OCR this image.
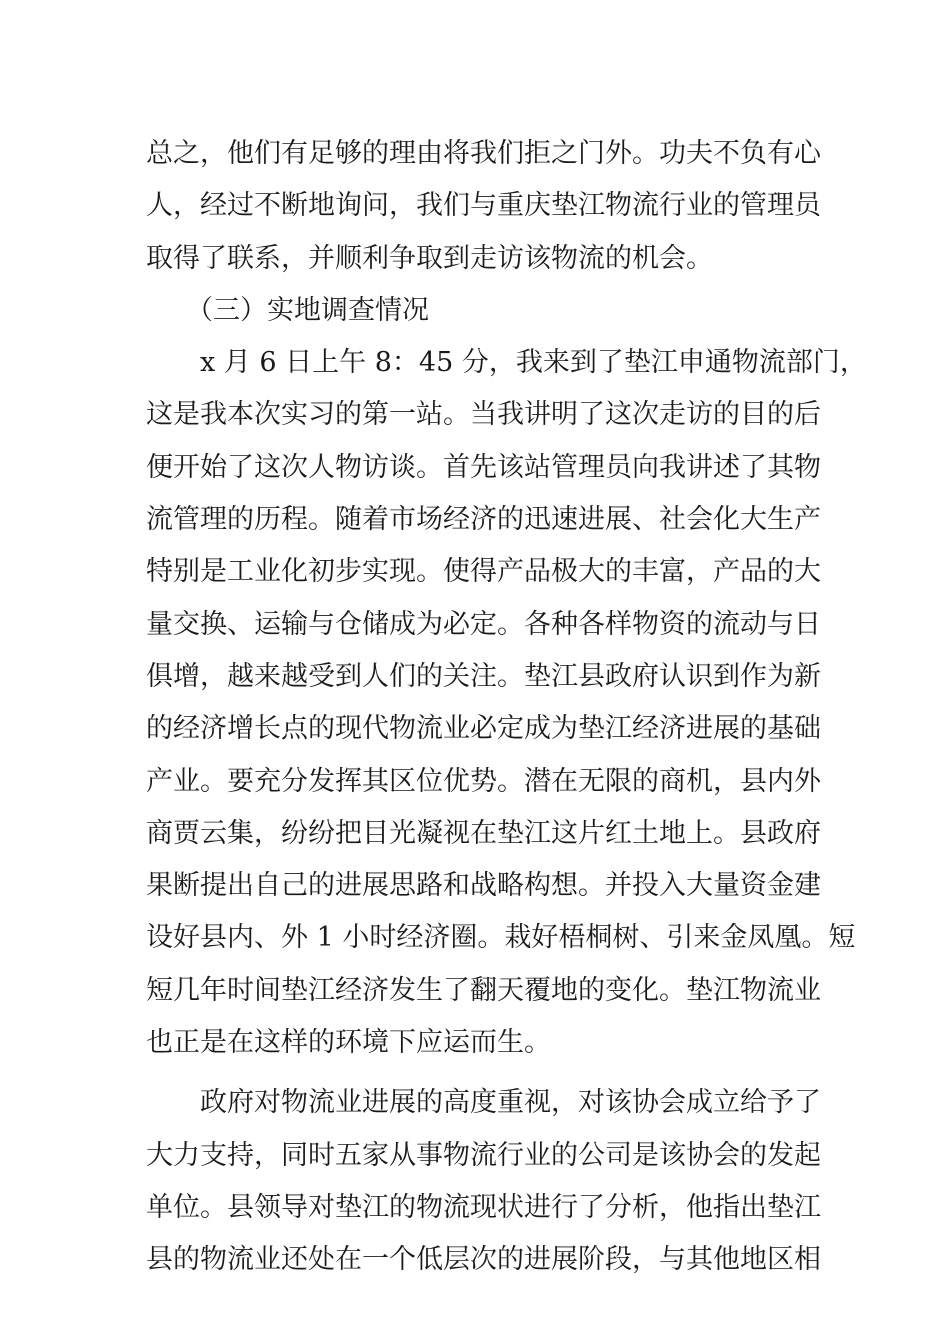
总之，他们有足够的理由将我们拒之门外。功夫不负有心
人，经过不断地询问，我们与重庆垫江物流行业的管理员
取得了联系，并顺利争取到走访该物流的机会。
（三）实地调查情况
x 月 6 日上午 8：45 分，我来到了垫江申通物流部门，
这是我本次实习的第一站。当我讲明了这次走访的目的后
便开始了这次人物访谈。首先该站管理员向我讲述了其物
流管理的历程。随着市场经济的迅速进展、社会化大生产
特别是工业化初步实现。使得产品极大的丰富，产品的大
量交换、运输与仓储成为必定。各种各样物资的流动与日
俱增，越来越受到人们的关注。垫江县政府认识到作为新
的经济增长点的现代物流业必定成为垫江经济进展的基础
产业。要充分发挥其区位优势。潜在无限的商机，县内外
商贾云集，纷纷把目光凝视在垫江这片红土地上。县政府
果断提出自己的进展思路和战略构想。并投入大量资金建
设好县内、外 1 小时经济圈。栽好梧桐树、引来金凤凰。短
短几年时间垫江经济发生了翻天覆地的变化。垫江物流业
也正是在这样的环境下应运而生。
政府对物流业进展的高度重视，对该协会成立给予了
大力支持，同时五家从事物流行业的公司是该协会的发起
单位。县领导对垫江的物流现状进行了分析，他指出垫江
县的物流业还处在一个低层次的进展阶段，与其他地区相
